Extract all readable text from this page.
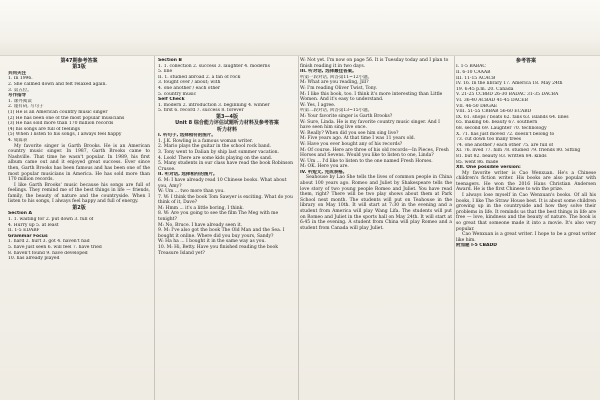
第47期参考答案
第3版
共同关注
1. In 1996.
2. She calmed down and felt relaxed again.
3. 第五位。
写作指导
1. 课外阅读
2. 谨有码, 写句子
(1) He is an American country music singer
(2) He has been one of the most popular musicians
(3) He has sold more than 170 million records
(4) his songs are full of feelings
(5) When I listen to his songs, I always feel happy
4. 成篇表
My favorite singer is Garth Brooks. He is an American country music singer. In 1987, Garth Brooks came to Nashville. That time he wasn't popular. In 1989, his first album came out and it enjoyed great success. Ever since then, Garth Brooks has been famous and has been one of the most popular musicians in America. He has sold more than 170 million records.
I like Garth Brooks' music because his songs are full of feelings. They remind me of the best things in life — friends, family, the beauty of nature and the countryside. When I listen to his songs, I always feel happy and full of energy.
第2版
Section A
1. 1. waiting for 2. put down 3. full of
4. Hurry up 5. at least
II. 1-5 EDABF
Grammar Focus
1. hard 2. hurt 3. got 4. haven't had
5. have just seen 6. will feel 7. have tried
8. haven't found 9. have developed
10. has already played
Section B
1. 1. collection 2. success 3. laughter 4. moderns
5. line
II. 1. studied abroad 2. a fan of rock
3. fought over / about; with
4. one another / each other
5. country music
Self Check
1. modern 2. introduction 3. beginning 4. winner
5. first 6. record 7. success 8. forever
第3—4版
Unit 8 综合能力评估试题听力材料及参考答案
听力材料
I. 听句子, 选择相符的图片。
1. J.K. Rowling is a famous woman writer.
2. Mario plays the guitar in the school rock band.
3. Tony went to Dalian by ship last summer vacation.
4. Look! There are some kids playing on the sand.
5. Many students in our class have read the book Robinson Crusoe.
II. 听对话, 选择相符的图片。
6. M: I have already read 10 Chinese books. What about you, Amy?
W: Um ... two more than you.
7. W: I think the book Tom Sawyer is exciting. What do you think of it, Dave?
M: Hmm ... it's a little boring, I think.
8. W: Are you going to see the film The Meg with me tonight?
M: No, Bruce. I have already seen it.
9. M: I've also got the book The Old Man and the Sea. I bought it online. Where did you buy yours, Sandy?
W: Ha ha ... I bought it in the same way as you.
10. M: Hi, Betty. Have you finished reading the book Treasure Island yet?
W: Not yet. I'm now on page 56. It is Tuesday today and I plan to finish reading it in two days.
III. 听对话, 选择最佳答案。
听第一段对话, 回答第11~12小题。
M: What are you reading, Jill?
W: I'm reading Oliver Twist, Tony.
M: I like this book, too. I think it's more interesting than Little Women. And it's easy to understand.
W: Yes, I agree.
听第二段对话, 回答第13~15小题。
M: Your favorite singer is Garth Brooks?
W: Sure, Linda. He is my favorite country music singer. And I have seen him sing live once.
W: Really? When did you see him sing live?
M: Five years ago. At that time I was 11 years old.
W: Have you ever bought any of his records?
M: Of course. Here are three of his old records—In Pieces, Fresh Horses and Sevens. Would you like to listen to one, Linda?
W: Um ... I'd like to listen to the one named Fresh Horses.
M: OK. Here you are.
IV. 听短文, 完成表格。
Seahouse by Lao She tells the lives of common people in China about 100 years ago. Romeo and Juliet by Shakespeare tells the love story of two young people Romeo and Juliet. You have read them, right? There will be two play shows about them at Park School next month. The students will put on Teahouse in the library on May 10th. It will start at 7:30 in the evening and a student from America will play Wang Lifa. The students will put on Romeo and Juliet in the sports hall on May 24th. It will start at 6:45 in the evening. A student from China will play Romeo and a student from Canada will play Juliet.
参考答案
I. 1-5 BABAC
II. 6-10 CAAAB
III. 11-15 ACACB
IV. 16. In the library 17. America 18. May 24th
19. 6:45 p.m. 20. Canada
V. 21-25 CCBBD 26-30 BADAC 31-35 DACBA
VI. 36-40 ACBAD 41-45 DACEB
VII. 46-50 DBGAE
VIII. 51-55 CBBAB 56-60 ECABD
IX. 61. shops / boats 62. fans 63. islands 64. lines
65. making 66. beauty 67. southern
68. second 69. Laughter 70. technology
X. 71. has just moved 72. doesn't belong to
73. cut down too many trees
74. one another / each other 75. are full of
XI. 76. lived 77. him 78. studied 79. friends 80. Sitting
81. but 82. beauty 83. written 84. kinds
85. went 86. made
XII. One possible version:
My favorite writer is Cao Wenxuan. He's a Chinese children's fiction writer. His books are also popular with teenagers. He won the 2016 Hans Christian Andersen Award. He is the first Chinese to win the prize.
I always lose myself in Cao Wenxuan's books. Of all his books, I like The Straw House best. It is about some children growing up in the countryside and how they solve their problems in life. It reminds us that the best things in life are free — love, kindness and the beauty of nature. The book is so great that someone made it into a movie. It's also very popular.
Cao Wenxuan is a great writer. I hope to be a great writer like him.
附加题 I-5 CBADD
